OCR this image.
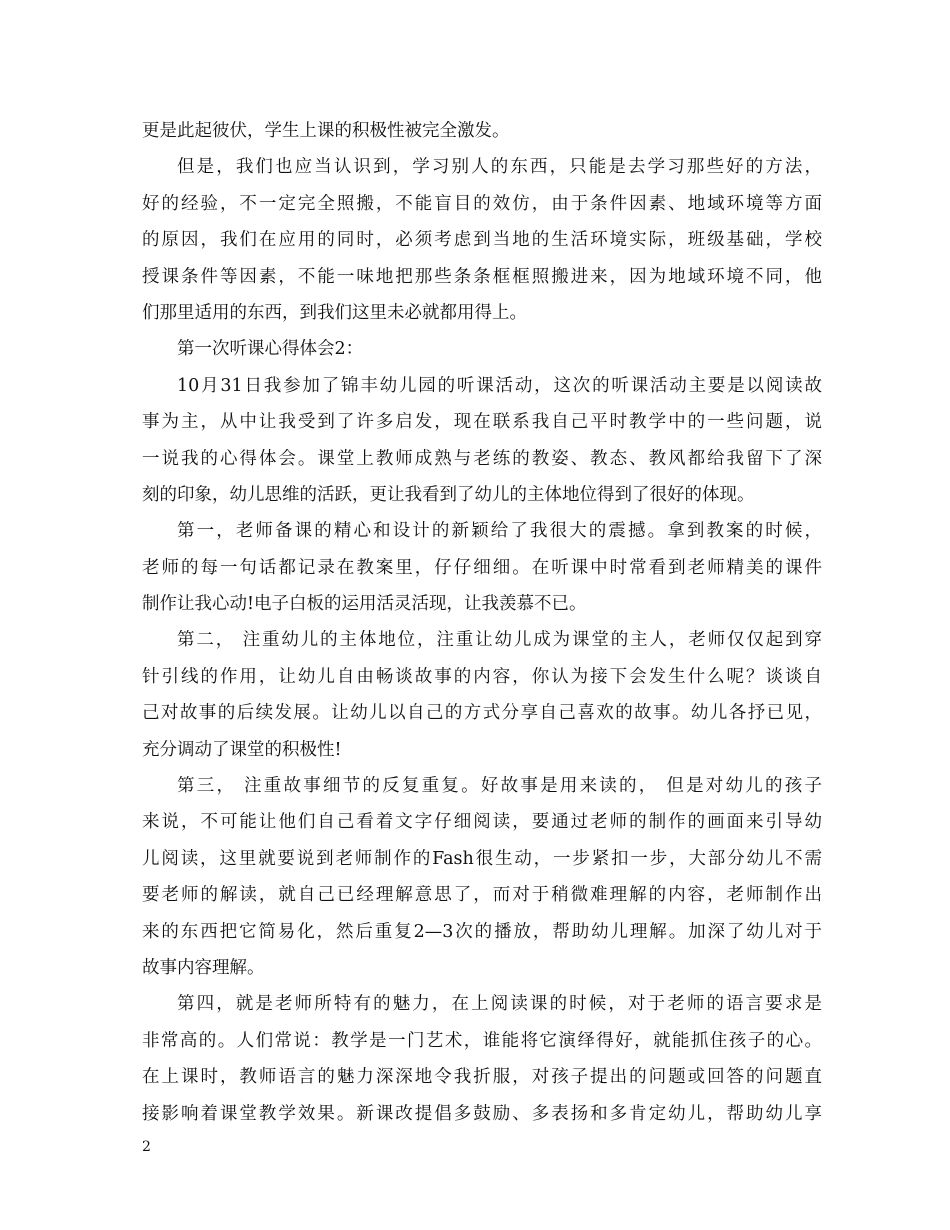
更是此起彼伏，学生上课的积极性被完全激发。
但是，我们也应当认识到，学习别人的东西，只能是去学习那些好的方法，
好的经验，不一定完全照搬，不能盲目的效仿，由于条件因素、地域环境等方面
的原因，我们在应用的同时，必须考虑到当地的生活环境实际，班级基础，学校
授课条件等因素，不能一味地把那些条条框框照搬进来，因为地域环境不同，他
们那里适用的东西，到我们这里未必就都用得上。
第一次听课心得体会2：
10月31日我参加了锦丰幼儿园的听课活动，这次的听课活动主要是以阅读故
事为主，从中让我受到了许多启发，现在联系我自己平时教学中的一些问题，说
一说我的心得体会。课堂上教师成熟与老练的教姿、教态、教风都给我留下了深
刻的印象，幼儿思维的活跃，更让我看到了幼儿的主体地位得到了很好的体现。
第一，老师备课的精心和设计的新颖给了我很大的震撼。拿到教案的时候，
老师的每一句话都记录在教案里，仔仔细细。在听课中时常看到老师精美的课件
制作让我心动!电子白板的运用活灵活现，让我羡慕不已。
第二， 注重幼儿的主体地位，注重让幼儿成为课堂的主人，老师仅仅起到穿
针引线的作用，让幼儿自由畅谈故事的内容，你认为接下会发生什么呢？谈谈自
己对故事的后续发展。让幼儿以自己的方式分享自己喜欢的故事。幼儿各抒已见，
充分调动了课堂的积极性!
第三， 注重故事细节的反复重复。好故事是用来读的， 但是对幼儿的孩子
来说，不可能让他们自己看着文字仔细阅读，要通过老师的制作的画面来引导幼
儿阅读，这里就要说到老师制作的Fash很生动，一步紧扣一步，大部分幼儿不需
要老师的解读，就自己已经理解意思了，而对于稍微难理解的内容，老师制作出
来的东西把它简易化，然后重复2—3次的播放，帮助幼儿理解。加深了幼儿对于
故事内容理解。
第四，就是老师所特有的魅力，在上阅读课的时候，对于老师的语言要求是
非常高的。人们常说：教学是一门艺术，谁能将它演绎得好，就能抓住孩子的心。
在上课时，教师语言的魅力深深地令我折服，对孩子提出的问题或回答的问题直
接影响着课堂教学效果。新课改提倡多鼓励、多表扬和多肯定幼儿，帮助幼儿享
2
